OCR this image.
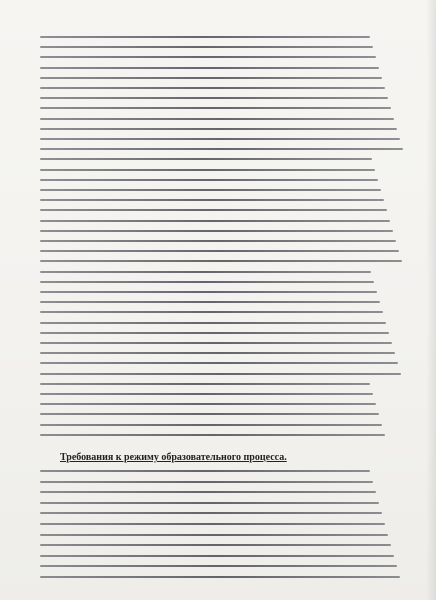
Требования к режиму образовательного процесса.
